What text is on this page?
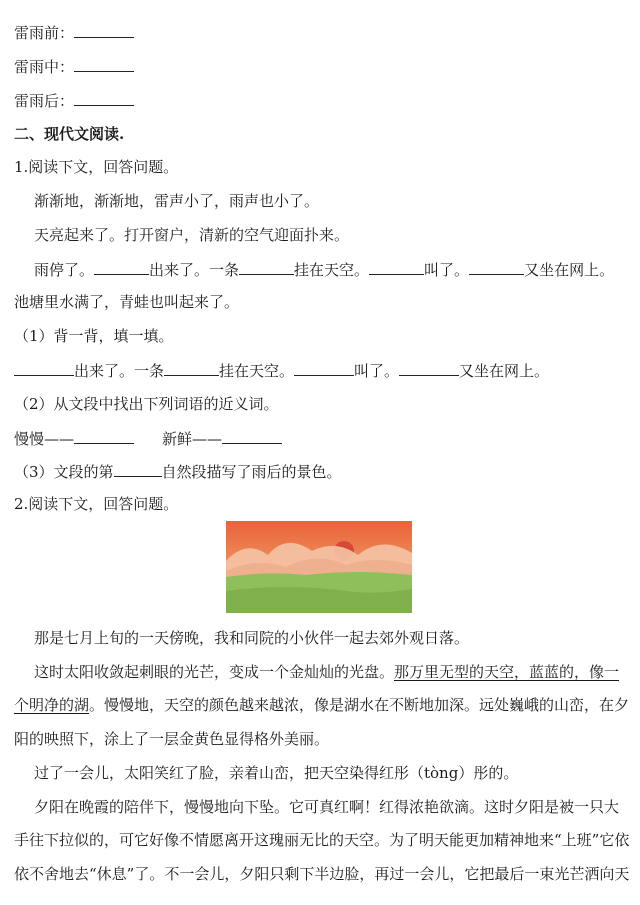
雷雨前：
雷雨中：
雷雨后：
二、现代文阅读.
1.阅读下文，回答问题。
渐渐地，渐渐地，雷声小了，雨声也小了。
天亮起来了。打开窗户，清新的空气迎面扑来。
雨停了。	出来了。一条	挂在天空。	叫了。	又坐在网上。
池塘里水满了，青蛙也叫起来了。
（1）背一背，填一填。
出来了。一条	挂在天空。	叫了。	又坐在网上。
（2）从文段中找出下列词语的近义词。
慢慢——	新鲜——
（3）文段的第	自然段描写了雨后的景色。
2.阅读下文，回答问题。
那是七月上旬的一天傍晚，我和同院的小伙伴一起去郊外观日落。
这时太阳收敛起刺眼的光芒，变成一个金灿灿的光盘。那万里无型的天空，蓝蓝的，像一
个明净的湖。慢慢地，天空的颜色越来越浓，像是湖水在不断地加深。远处巍峨的山峦，在夕
阳的映照下，涂上了一层金黄色显得格外美丽。
过了一会儿，太阳笑红了脸，亲着山峦，把天空染得红彤（tòng）彤的。
夕阳在晚霞的陪伴下，慢慢地向下坠。它可真红啊！红得浓艳欲滴。这时夕阳是被一只大
手往下拉似的，可它好像不情愿离开这瑰丽无比的天空。为了明天能更加精神地来“上班”它依
依不舍地去“休息”了。不一会儿，夕阳只剩下半边脸，再过一会儿，它把最后一束光芒洒向天
